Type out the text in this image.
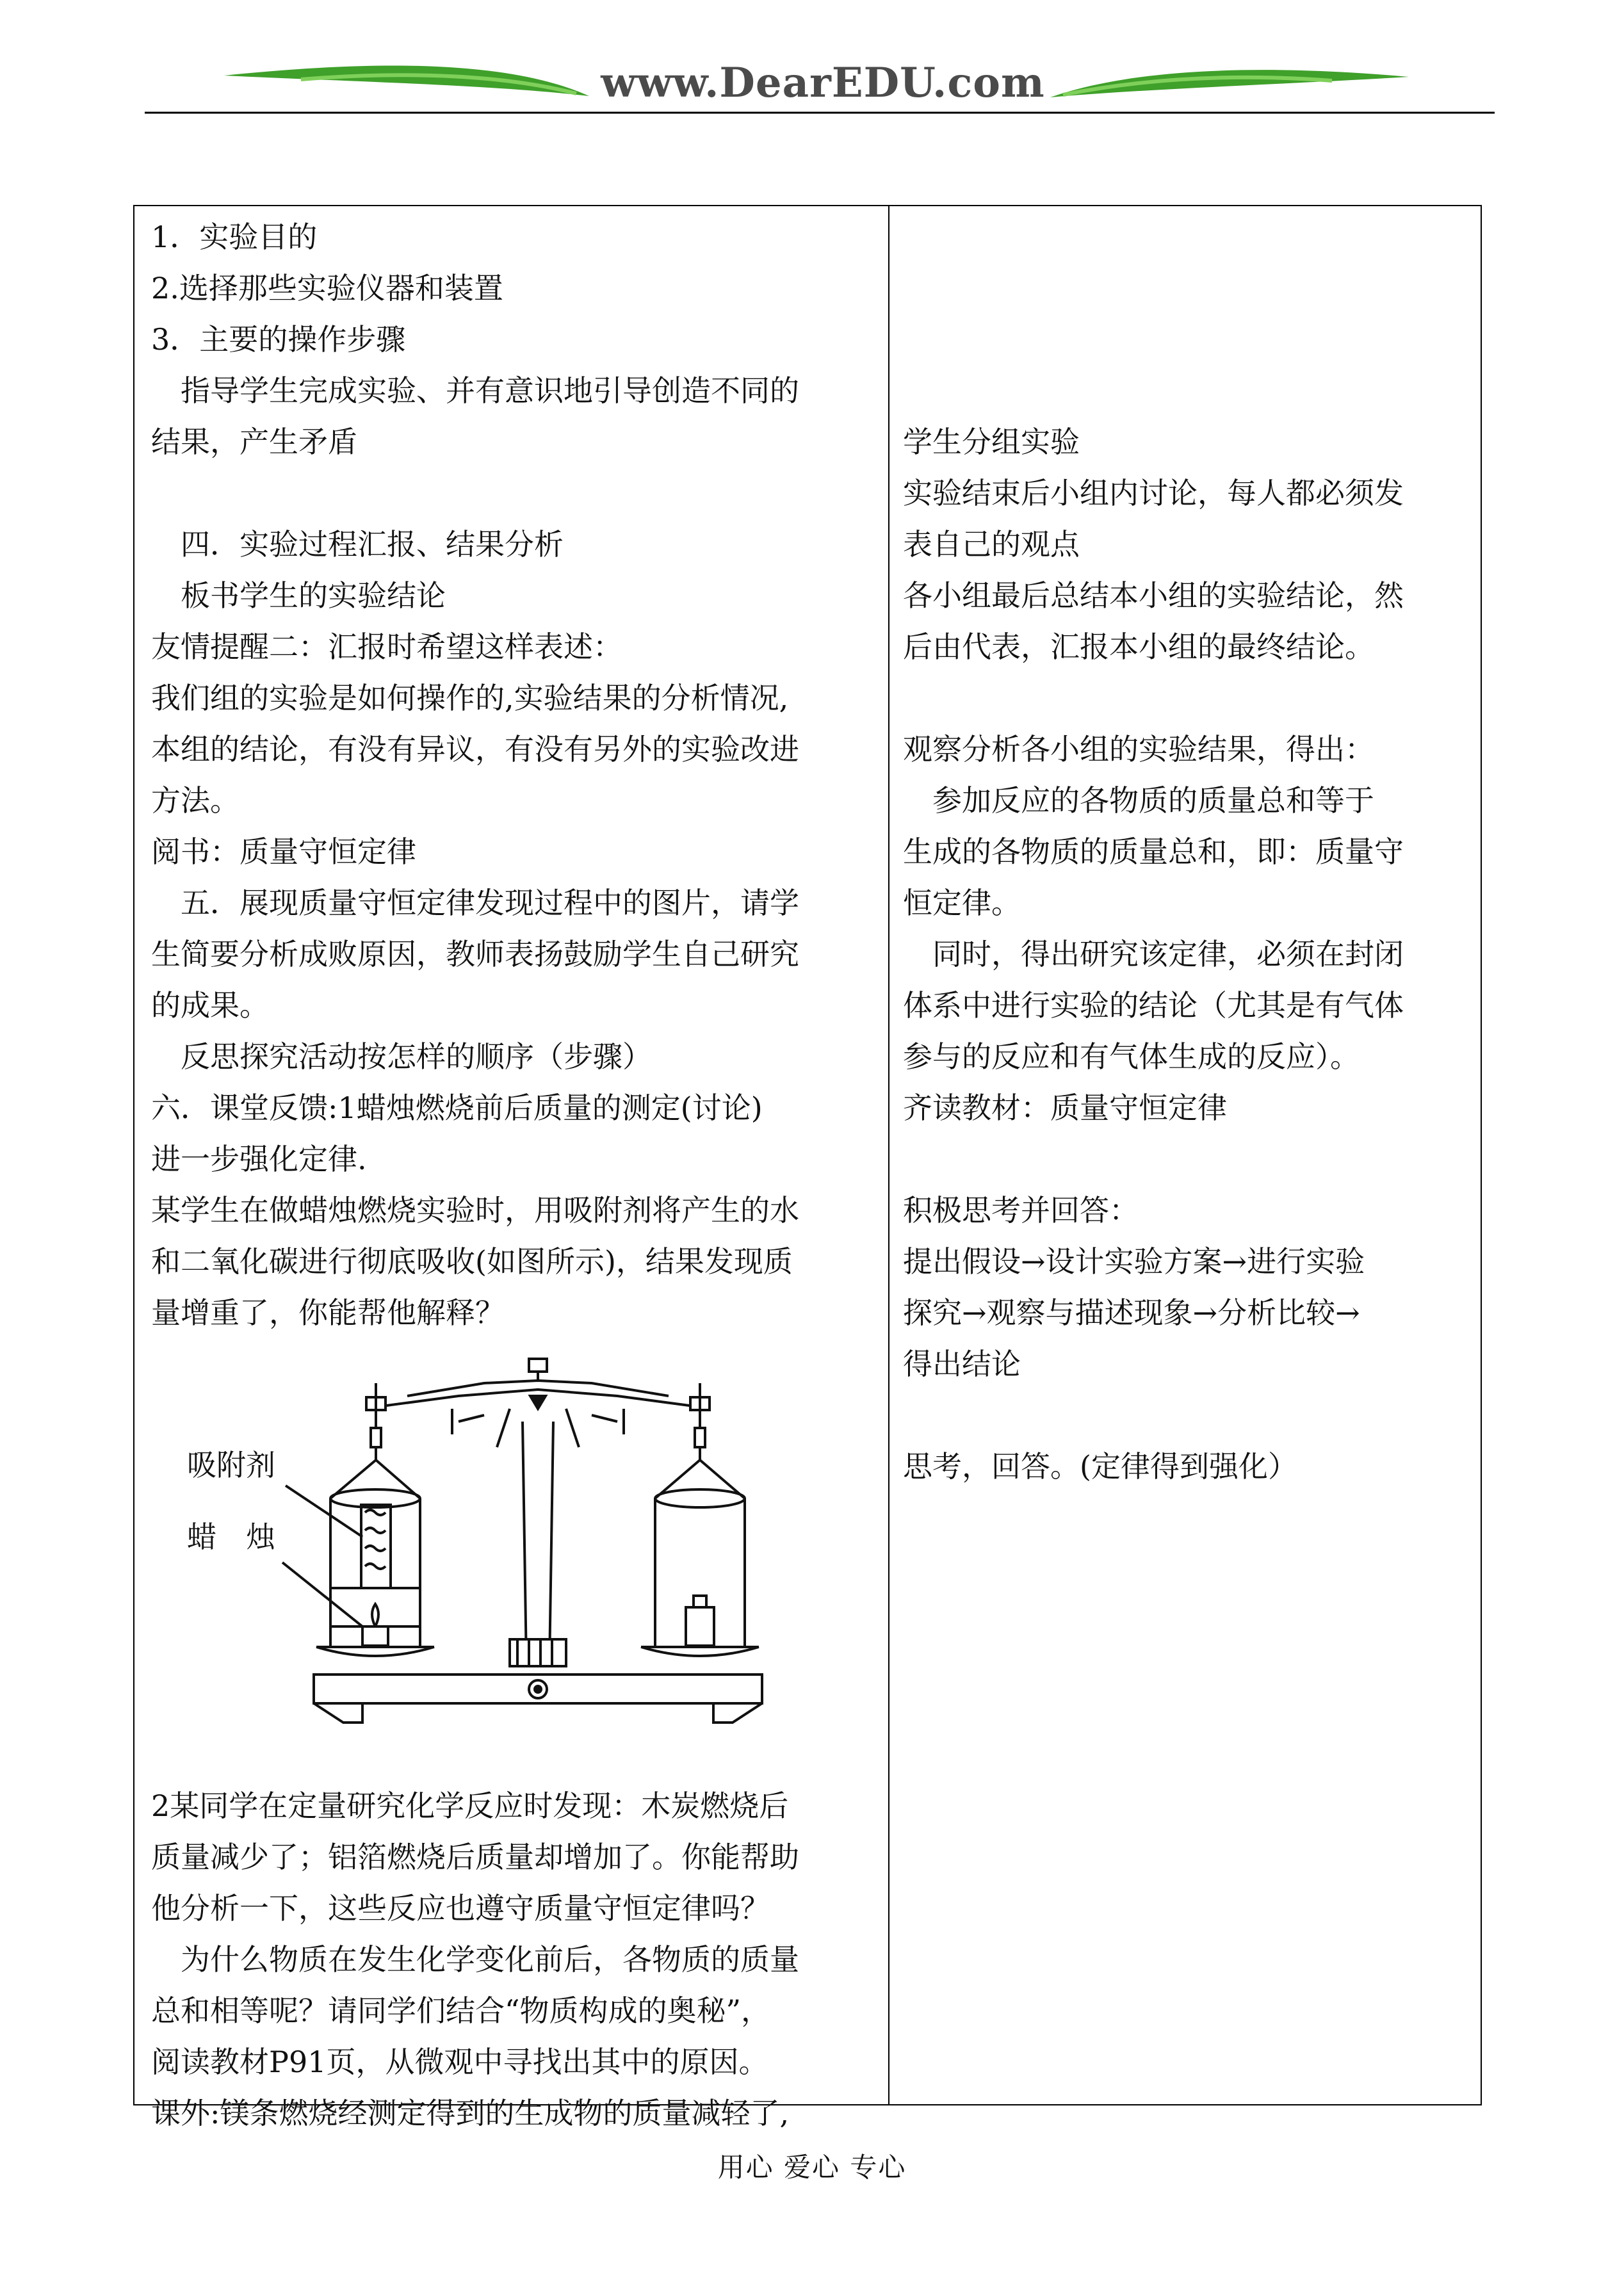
www.DearEDU.com
1．实验目的
2.选择那些实验仪器和装置
3．主要的操作步骤
指导学生完成实验、并有意识地引导创造不同的
结果，产生矛盾
四．实验过程汇报、结果分析
板书学生的实验结论
友情提醒二：汇报时希望这样表述：
我们组的实验是如何操作的,实验结果的分析情况,
本组的结论，有没有异议，有没有另外的实验改进
方法。
阅书：质量守恒定律
五．展现质量守恒定律发现过程中的图片，请学
生简要分析成败原因，教师表扬鼓励学生自己研究
的成果。
反思探究活动按怎样的顺序（步骤）
六．课堂反馈:1蜡烛燃烧前后质量的测定(讨论)
进一步强化定律.
某学生在做蜡烛燃烧实验时，用吸附剂将产生的水
和二氧化碳进行彻底吸收(如图所示)，结果发现质
量增重了，你能帮他解释？
吸附剂
蜡　烛
2某同学在定量研究化学反应时发现：木炭燃烧后
质量减少了；铝箔燃烧后质量却增加了。你能帮助
他分析一下，这些反应也遵守质量守恒定律吗？
为什么物质在发生化学变化前后，各物质的质量
总和相等呢？请同学们结合“物质构成的奥秘”，
阅读教材P91页，从微观中寻找出其中的原因。
课外:镁条燃烧经测定得到的生成物的质量减轻了,
学生分组实验
实验结束后小组内讨论，每人都必须发
表自己的观点
各小组最后总结本小组的实验结论，然
后由代表，汇报本小组的最终结论。
观察分析各小组的实验结果，得出：
参加反应的各物质的质量总和等于
生成的各物质的质量总和，即：质量守
恒定律。
同时，得出研究该定律，必须在封闭
体系中进行实验的结论（尤其是有气体
参与的反应和有气体生成的反应）。
齐读教材：质量守恒定律
积极思考并回答：
提出假设→设计实验方案→进行实验
探究→观察与描述现象→分析比较→
得出结论
思考，回答。(定律得到强化）
用心 爱心 专心
